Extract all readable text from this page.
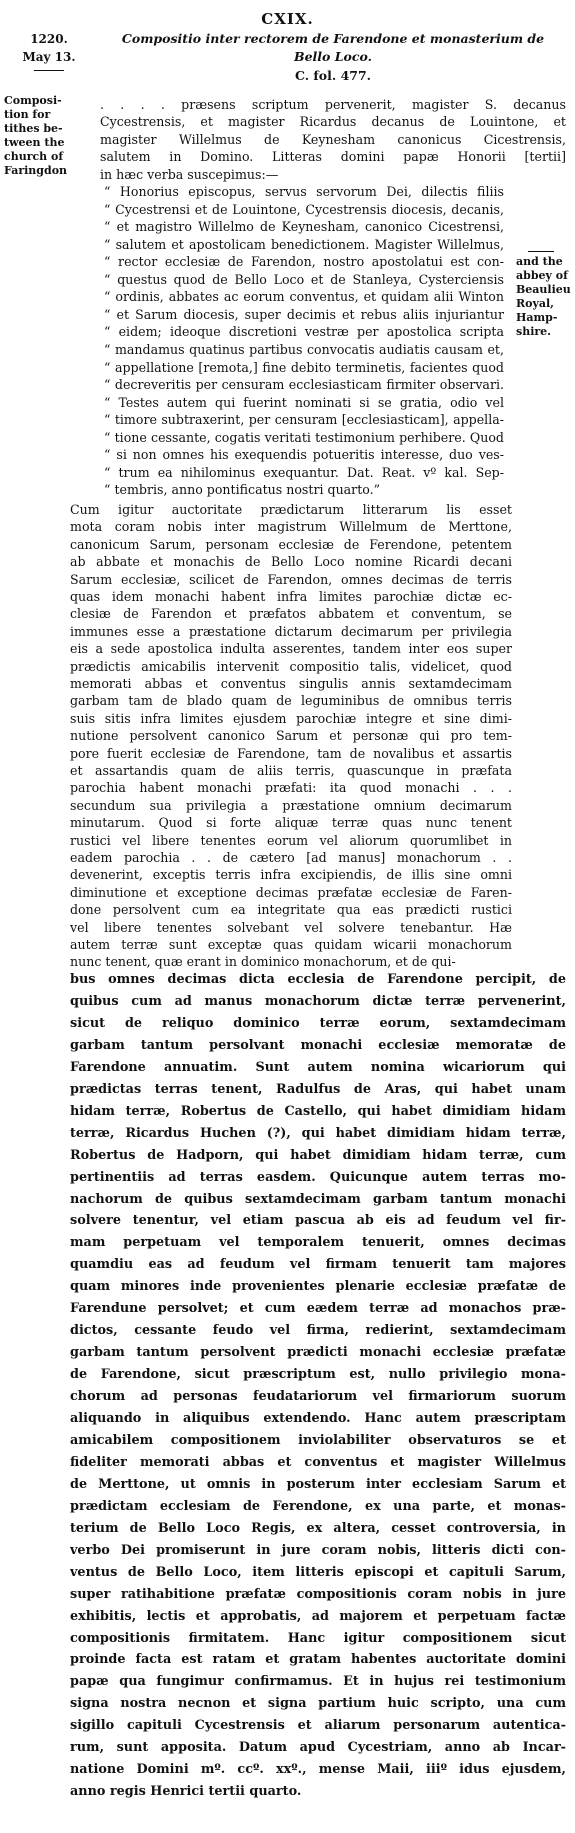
CXIX.
1220.
May 13.
Compositio inter rectorem de Farendone et monasterium de
Bello Loco.
C. fol. 477.
Composi-
tion for
tithes be-
tween the
church of
Faringdon
and the
abbey of
Beaulieu
Royal,
Hamp-
shire.
. . . . præsens scriptum pervenerit, magister S. decanus
Cycestrensis, et magister Ricardus decanus de Louintone, et
magister Willelmus de Keynesham canonicus Cicestrensis,
salutem in Domino. Litteras domini papæ Honorii [tertii]
in hæc verba suscepimus:—
“ Honorius episcopus, servus servorum Dei, dilectis filiis
“ Cycestrensi et de Louintone, Cycestrensis diocesis, decanis,
“ et magistro Willelmo de Keynesham, canonico Cicestrensi,
“ salutem et apostolicam benedictionem. Magister Willelmus,
“ rector ecclesiæ de Farendon, nostro apostolatui est con-
“ questus quod de Bello Loco et de Stanleya, Cysterciensis
“ ordinis, abbates ac eorum conventus, et quidam alii Winton
“ et Sarum diocesis, super decimis et rebus aliis injuriantur
“ eidem; ideoque discretioni vestræ per apostolica scripta
“ mandamus quatinus partibus convocatis audiatis causam et,
“ appellatione [remota,] fine debito terminetis, facientes quod
“ decreveritis per censuram ecclesiasticam firmiter observari.
“ Testes autem qui fuerint nominati si se gratia, odio vel
“ timore subtraxerint, per censuram [ecclesiasticam], appella-
“ tione cessante, cogatis veritati testimonium perhibere. Quod
“ si non omnes his exequendis potueritis interesse, duo ves-
“ trum ea nihilominus exequantur. Dat. Reat. vº kal. Sep-
“ tembris, anno pontificatus nostri quarto.”
Cum igitur auctoritate prædictarum litterarum lis esset
mota coram nobis inter magistrum Willelmum de Merttone,
canonicum Sarum, personam ecclesiæ de Ferendone, petentem
ab abbate et monachis de Bello Loco nomine Ricardi decani
Sarum ecclesiæ, scilicet de Farendon, omnes decimas de terris
quas idem monachi habent infra limites parochiæ dictæ ec-
clesiæ de Farendon et præfatos abbatem et conventum, se
immunes esse a præstatione dictarum decimarum per privilegia
eis a sede apostolica indulta asserentes, tandem inter eos super
prædictis amicabilis intervenit compositio talis, videlicet, quod
memorati abbas et conventus singulis annis sextamdecimam
garbam tam de blado quam de leguminibus de omnibus terris
suis sitis infra limites ejusdem parochiæ integre et sine dimi-
nutione persolvent canonico Sarum et personæ qui pro tem-
pore fuerit ecclesiæ de Farendone, tam de novalibus et assartis
et assartandis quam de aliis terris, quascunque in præfata
parochia habent monachi præfati: ita quod monachi . . .
secundum sua privilegia a præstatione omnium decimarum
minutarum. Quod si forte aliquæ terræ quas nunc tenent
rustici vel libere tenentes eorum vel aliorum quorumlibet in
eadem parochia . . de cætero [ad manus] monachorum . .
devenerint, exceptis terris infra excipiendis, de illis sine omni
diminutione et exceptione decimas præfatæ ecclesiæ de Faren-
done persolvent cum ea integritate qua eas prædicti rustici
vel libere tenentes solvebant vel solvere tenebantur. Hæ
autem terræ sunt exceptæ quas quidam wicarii monachorum
nunc tenent, quæ erant in dominico monachorum, et de qui-
bus omnes decimas dicta ecclesia de Farendone percipit, de
quibus cum ad manus monachorum dictæ terræ pervenerint,
sicut de reliquo dominico terræ eorum, sextamdecimam
garbam tantum persolvant monachi ecclesiæ memoratæ de
Farendone annuatim. Sunt autem nomina wicariorum qui
prædictas terras tenent, Radulfus de Aras, qui habet unam
hidam terræ, Robertus de Castello, qui habet dimidiam hidam
terræ, Ricardus Huchen (?), qui habet dimidiam hidam terræ,
Robertus de Hadporn, qui habet dimidiam hidam terræ, cum
pertinentiis ad terras easdem. Quicunque autem terras mo-
nachorum de quibus sextamdecimam garbam tantum monachi
solvere tenentur, vel etiam pascua ab eis ad feudum vel fir-
mam perpetuam vel temporalem tenuerit, omnes decimas
quamdiu eas ad feudum vel firmam tenuerit tam majores
quam minores inde provenientes plenarie ecclesiæ præfatæ de
Farendune persolvet; et cum eædem terræ ad monachos præ-
dictos, cessante feudo vel firma, redierint, sextamdecimam
garbam tantum persolvent prædicti monachi ecclesiæ præfatæ
de Farendone, sicut præscriptum est, nullo privilegio mona-
chorum ad personas feudatariorum vel firmariorum suorum
aliquando in aliquibus extendendo. Hanc autem præscriptam
amicabilem compositionem inviolabiliter observaturos se et
fideliter memorati abbas et conventus et magister Willelmus
de Merttone, ut omnis in posterum inter ecclesiam Sarum et
prædictam ecclesiam de Ferendone, ex una parte, et monas-
terium de Bello Loco Regis, ex altera, cesset controversia, in
verbo Dei promiserunt in jure coram nobis, litteris dicti con-
ventus de Bello Loco, item litteris episcopi et capituli Sarum,
super ratihabitione præfatæ compositionis coram nobis in jure
exhibitis, lectis et approbatis, ad majorem et perpetuam factæ
compositionis firmitatem. Hanc igitur compositionem sicut
proinde facta est ratam et gratam habentes auctoritate domini
papæ qua fungimur confirmamus. Et in hujus rei testimonium
signa nostra necnon et signa partium huic scripto, una cum
sigillo capituli Cycestrensis et aliarum personarum autentica-
rum, sunt apposita. Datum apud Cycestriam, anno ab Incar-
natione Domini mº. ccº. xxº., mense Maii, iiiº idus ejusdem,
anno regis Henrici tertii quarto.
